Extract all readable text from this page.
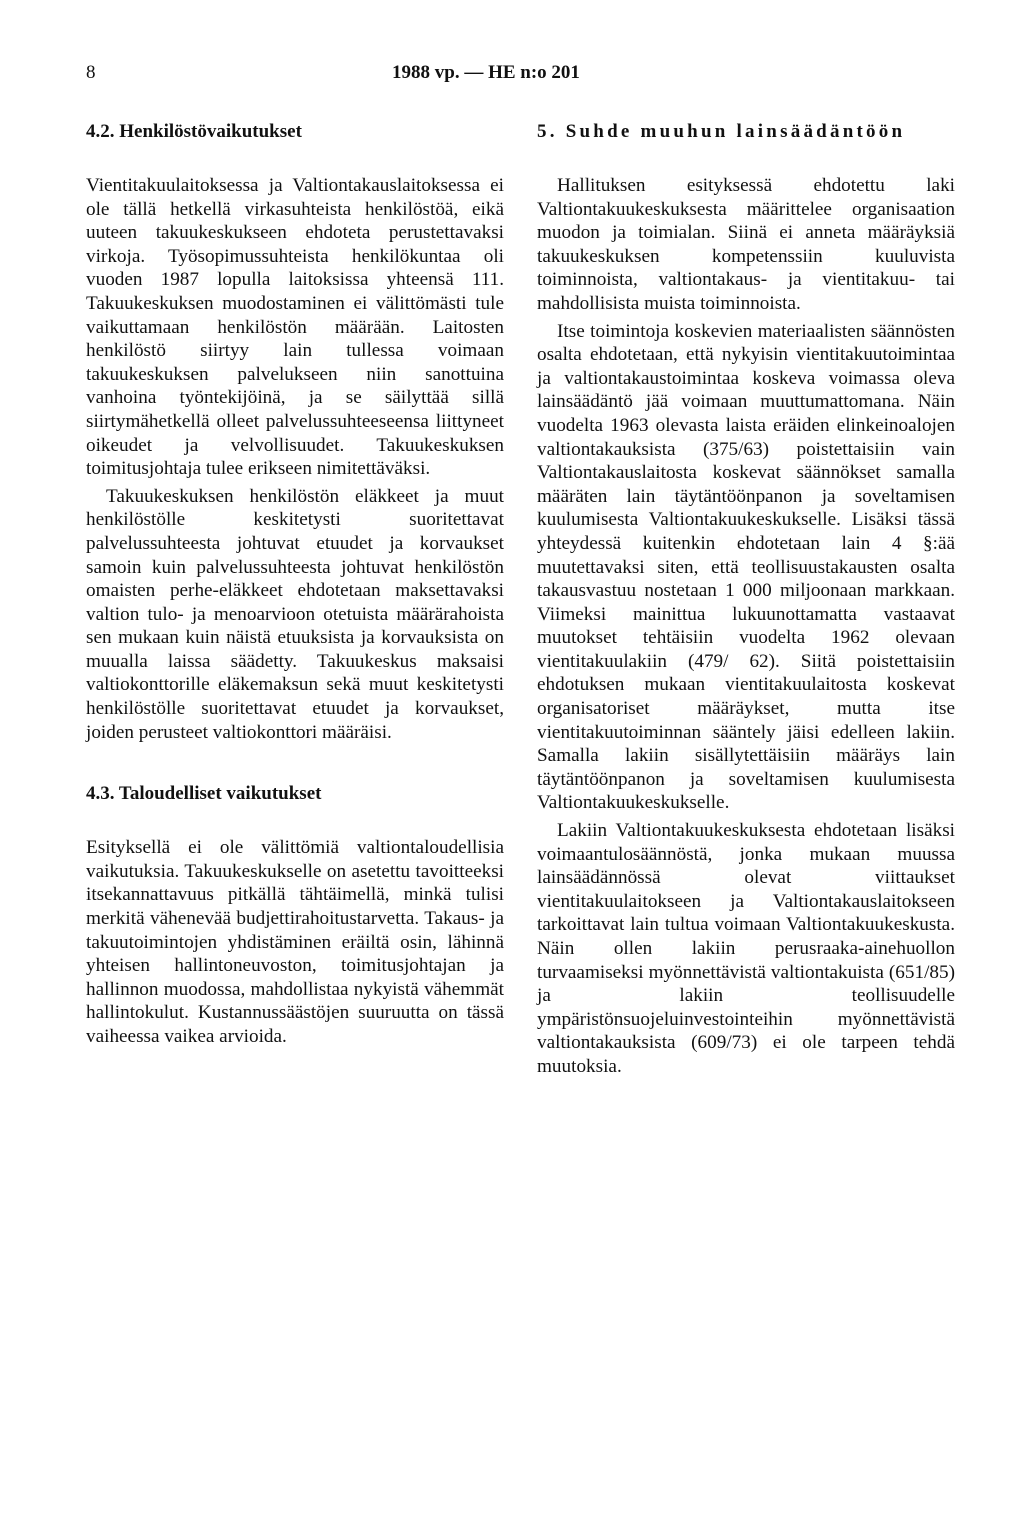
8	1988 vp. — HE n:o 201
4.2. Henkilöstövaikutukset

Vientitakuulaitoksessa ja Valtiontakauslaitoksessa ei ole tällä hetkellä virkasuhteista henkilöstöä, eikä uuteen takuukeskukseen ehdoteta perustettavaksi virkoja. Työsopimussuhteista henkilökuntaa oli vuoden 1987 lopulla laitoksissa yhteensä 111. Takuukeskuksen muodostaminen ei välittömästi tule vaikuttamaan henkilöstön määrään. Laitosten henkilöstö siirtyy lain tullessa voimaan takuukeskuksen palvelukseen niin sanottuina vanhoina työntekijöinä, ja se säilyttää sillä siirtymähetkellä olleet palvelussuhteeseensa liittyneet oikeudet ja velvollisuudet. Takuukeskuksen toimitusjohtaja tulee erikseen nimitettäväksi.

Takuukeskuksen henkilöstön eläkkeet ja muut henkilöstölle keskitetysti suoritettavat palvelussuhteesta johtuvat etuudet ja korvaukset samoin kuin palvelussuhteesta johtuvat henkilöstön omaisten perhe-eläkkeet ehdotetaan maksettavaksi valtion tulo- ja menoarvioon otetuista määrärahoista sen mukaan kuin näistä etuuksista ja korvauksista on muualla laissa säädetty. Takuukeskus maksaisi valtiokonttorille eläkemaksun sekä muut keskitetysti henkilöstölle suoritettavat etuudet ja korvaukset, joiden perusteet valtiokonttori määräisi.

4.3. Taloudelliset vaikutukset

Esityksellä ei ole välittömiä valtiontaloudellisia vaikutuksia. Takuukeskukselle on asetettu tavoitteeksi itsekannattavuus pitkällä tähtäimellä, minkä tulisi merkitä vähenevää budjettirahoitustarvetta. Takaus- ja takuutoimintojen yhdistäminen eräiltä osin, lähinnä yhteisen hallintoneuvoston, toimitusjohtajan ja hallinnon muodossa, mahdollistaa nykyistä vähemmät hallintokulut. Kustannussäästöjen suuruutta on tässä vaiheessa vaikea arvioida.

5. Suhde muuhun lainsäädäntöön

Hallituksen esityksessä ehdotettu laki Valtiontakuukeskuksesta määrittelee organisaation muodon ja toimialan. Siinä ei anneta määräyksiä takuukeskuksen kompetenssiin kuuluvista toiminnoista, valtiontakaus- ja vientitakuu- tai mahdollisista muista toiminnoista.

Itse toimintoja koskevien materiaalisten säännösten osalta ehdotetaan, että nykyisin vientitakuutoimintaa ja valtiontakaustoimintaa koskeva voimassa oleva lainsäädäntö jää voimaan muuttumattomana. Näin vuodelta 1963 olevasta laista eräiden elinkeinoalojen valtiontakauksista (375/63) poistettaisiin vain Valtiontakauslaitosta koskevat säännökset samalla määräten lain täytäntöönpanon ja soveltamisen kuulumisesta Valtiontakuukeskukselle. Lisäksi tässä yhteydessä kuitenkin ehdotetaan lain 4 §:ää muutettavaksi siten, että teollisuustakausten osalta takausvastuu nostetaan 1 000 miljoonaan markkaan. Viimeksi mainittua lukuunottamatta vastaavat muutokset tehtäisiin vuodelta 1962 olevaan vientitakuulakiin (479/ 62). Siitä poistettaisiin ehdotuksen mukaan vientitakuulaitosta koskevat organisatoriset määräykset, mutta itse vientitakuutoiminnan sääntely jäisi edelleen lakiin. Samalla lakiin sisällytettäisiin määräys lain täytäntöönpanon ja soveltamisen kuulumisesta Valtiontakuukeskukselle.

Lakiin Valtiontakuukeskuksesta ehdotetaan lisäksi voimaantulosäännöstä, jonka mukaan muussa lainsäädännössä olevat viittaukset vientitakuulaitokseen ja Valtiontakauslaitokseen tarkoittavat lain tultua voimaan Valtiontakuukeskusta. Näin ollen lakiin perusraaka-ainehuollon turvaamiseksi myönnettävistä valtiontakuista (651/85) ja lakiin teollisuudelle ympäristönsuojeluinvestointeihin myönnettävistä valtiontakauksista (609/73) ei ole tarpeen tehdä muutoksia.
